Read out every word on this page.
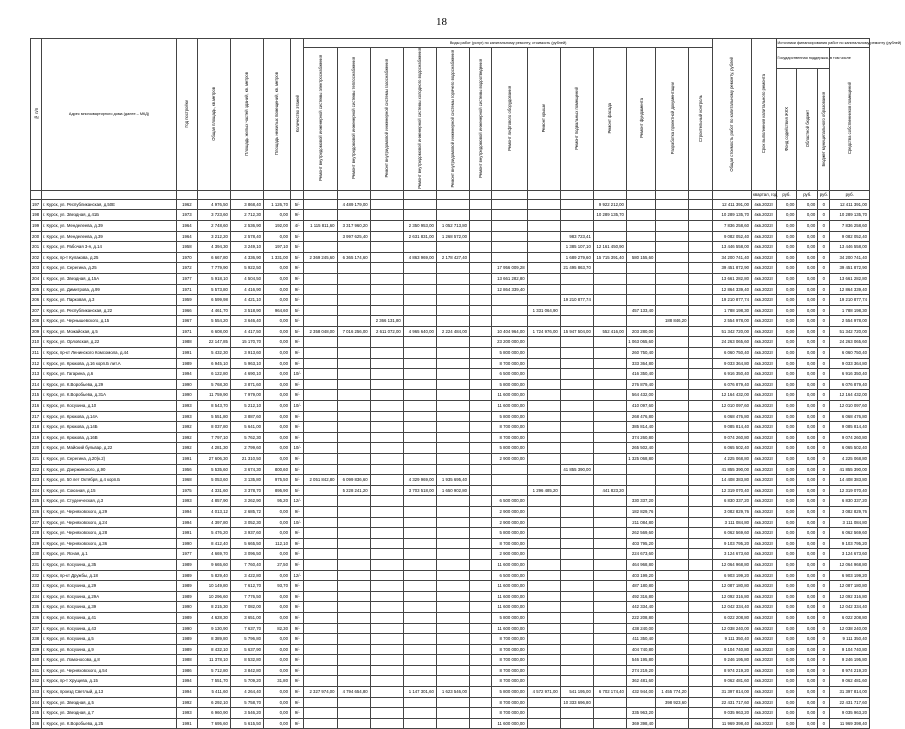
18
№ п/п	Адрес многоквартирного дома (далее – МКД)	Год постройки	Общая площадь, кв.метров	Площадь жилых частей зданий, кв. метров	Площадь нежилых помещений, кв. метров	Количество этажей	Виды работ (услуг) по капитальному ремонту, стоимость (рублей)													Общая стоимость работ по капитальному ремонту, рублей	Срок выполнения капитального ремонта	Источники финансирования работ по капитальному ремонту (рублей)			
							Ремонт внутридомовой инженерной системы электроснабжения	Ремонт внутридомовой инженерной системы теплоснабжения	Ремонт внутридомовой инженерной системы газоснабжения	Ремонт внутридомовой инженерной системы холодного водоснабжения	Ремонт внутридомовой инженерной системы горячего водоснабжения	Ремонт внутридомовой инженерной системы водоотведения	Ремонт лифтового оборудования	Ремонт крыши	Ремонт подвальных помещений	Ремонт фасада	Ремонт фундамента	Разработка проектной документации	Строительный контроль			Государственная поддержка, в том числе			Средства собственников помещений
																						Фонд содействия ЖКХ	Областной бюджет	Бюджет муниципального образования	
																					квартал, год	руб.	руб.	руб.	руб.
197	г. Курск, ул. Республиканская, д.50Е	1962	4 976,50	3 868,40	1 126,70	5/-		4 489 179,00								9 922 212,00				12 411 391,00	4кв.2022г	0,00	0,00	0	12 411 391,00
198	г. Курск, ул. Звездная, д.41Б	1973	3 723,60	2 712,30	0,00	9/-										10 289 135,70				10 289 135,70	4кв.2022г	0,00	0,00	0	10 289 135,70
199	г. Курск, ул. Менделеева, д.39	1964	2 748,60	2 536,90	192,00	4/-	1 115 811,60	3 317 960,20		2 350 953,00	1 052 713,80									7 836 258,60	4кв.2022г	0,00	0,00	0	7 836 258,60
200	г. Курск, ул. Менделеева, д.39	1964	3 212,20	2 578,40	0,00	5/-		3 997 625,40		2 631 831,00	1 268 572,00				983 723,41					9 082 052,40	4кв.2022г	0,00	0,00	0	9 082 052,40
201	г. Курск, ул. Рабочая 3-я, д.14	1958	4 394,30	3 249,10	197,10	5/-									1 385 107,10	12 161 450,90				13 446 558,00	4кв.2022г	0,00	0,00	0	13 446 558,00
202	г. Курск, пр-т Кулакова, д.25	1970	6 667,80	4 336,90	1 331,00	5/-	2 369 245,60	6 365 174,60		4 863 969,00	2 178 427,40				1 689 279,60	15 715 391,40	580 155,60			34 200 741,40	4кв.2022г	0,00	0,00	0	34 200 741,40
203	г. Курск, ул. Серегина, д.25	1972	7 779,90	5 922,50	0,00	9/-							17 956 009,28		21 495 863,70					39 451 872,90	4кв.2022г	0,00	0,00	0	39 451 872,90
204	г. Курск, ул. Звездная, д.15А	1977	5 918,10	4 504,50	0,00	9/-							13 661 282,80							13 661 282,80	4кв.2022г	0,00	0,00	0	13 661 282,80
205	г. Курск, ул. Димитрова, д.99	1971	5 573,80	4 416,90	0,00	9/-							12 864 339,40							12 864 339,40	4кв.2022г	0,00	0,00	0	12 864 339,40
206	г. Курск, ул. Парковая, д.3	1959	6 599,98	4 421,10	0,00	5/-									19 210 877,74					19 210 877,74	4кв.2022г	0,00	0,00	0	19 210 877,74
207	г. Курск, ул. Республиканская, д.22	1966	4 461,70	3 518,90	964,60	5/-								1 331 064,90			457 133,40			1 788 198,30	4кв.2022г	0,00	0,00	0	1 788 198,30
208	г. Курск, ул. Чернышевского, д.15	1967	5 554,20	3 646,40	0,00	5/-			2 366 131,80									188 846,20		2 554 978,00	4кв.2022г	0,00	0,00	0	2 554 978,00
209	г. Курск, ул. Можайская, д.5	1971	6 608,00	4 417,50	0,00	5/-	2 358 048,00	7 016 256,00	2 611 072,00	4 965 640,00	2 224 484,00		10 404 964,00	1 724 976,00	15 947 504,00	552 416,00	203 280,00			51 342 720,00	4кв.2022г	0,00	0,00	0	51 342 720,00
210	г. Курск, ул. Орловская, д.22	1988	22 147,85	15 170,70	0,00	9/-							23 200 000,00				1 063 065,60			24 263 065,60	4кв.2022г	0,00	0,00	0	24 263 065,60
211	г. Курск, пр-кт Ленинского Комсомола, д.44	1991	5 432,30	3 913,60	0,00	9/-							5 800 000,00				260 750,40			6 060 750,40	4кв.2022г	0,00	0,00	0	6 060 750,40
212	г. Курск, ул. Крюкова, д.16 корп.Б лит.А	1989	6 945,10	5 963,10	0,00	9/-							8 700 000,00				333 364,80			9 033 364,80	4кв.2022г	0,00	0,00	0	9 033 364,80
213	г. Курск, ул. Гагарина, д.6	1994	6 122,80	4 690,10	0,00	10/-							6 500 000,00				416 350,40			6 916 350,40	4кв.2022г	0,00	0,00	0	6 916 350,40
214	г. Курск, ул. К.Воробьева, д.29	1990	5 768,30	3 871,60	0,00	9/-							5 800 000,00				276 879,40			6 076 879,40	4кв.2022г	0,00	0,00	0	6 076 879,40
215	г. Курск, ул. К.Воробьева, д.31А	1990	11 759,90	7 979,00	0,00	9/-							11 600 000,00				564 432,00			12 164 432,00	4кв.2022г	0,00	0,00	0	12 164 432,00
216	г. Курск, ул. Косухина, д.10	1993	8 543,70	5 212,10	0,00	10/-							11 600 000,00				410 097,60			12 010 097,60	4кв.2022г	0,00	0,00	0	12 010 097,60
217	г. Курск, ул. Крюкова, д.14А	1993	5 551,80	3 887,60	0,00	9/-							5 800 000,00				268 476,80			6 068 476,80	4кв.2022г	0,00	0,00	0	6 068 476,80
218	г. Курск, ул. Крюкова, д.14Б	1992	8 037,80	5 641,00	0,00	9/-							8 700 000,00				385 814,40			9 085 814,40	4кв.2022г	0,00	0,00	0	9 085 814,40
219	г. Курск, ул. Крюкова, д.16В	1992	7 797,10	5 762,30	0,00	9/-							8 700 000,00				374 260,80			9 074 260,80	4кв.2022г	0,00	0,00	0	9 074 260,80
220	г. Курск, ул. Майский бульвар, д.22	1992	4 281,30	2 799,60	0,00	10/-							5 800 000,00				265 502,40			6 065 502,40	4кв.2022г	0,00	0,00	0	6 065 502,40
221	г. Курск, ул. Серегина, д.20(к.2)	1991	27 606,30	21 310,50	0,00	9/-							2 900 000,00				1 325 068,80			4 225 068,80	4кв.2022г	0,00	0,00	0	4 225 068,80
222	г. Курск, ул. Дзержинского, д.90	1956	5 535,60	3 674,30	800,60	5/-									41 855 390,00					41 855 390,00	4кв.2022г	0,00	0,00	0	41 855 390,00
223	г. Курск, ул. 50 лет Октября, д.4 корп.Б	1968	5 053,60	3 135,80	975,50	5/-	2 051 842,80	6 099 836,60		4 329 969,00	1 935 695,40									14 408 383,80	4кв.2022г	0,00	0,00	0	14 408 383,80
224	г. Курск, ул. Союзная, д.15	1975	4 331,60	3 378,70	895,90	5/-		5 228 241,20		3 703 518,00	1 650 902,80			1 296 485,20		441 823,20				12 319 070,40	4кв.2022г	0,00	0,00	0	12 319 070,40
225	г. Курск, ул. Студенческая, д.3	1993	4 857,90	3 262,90	95,20	12/-							6 500 000,00				330 337,20			6 830 337,20	4кв.2022г	0,00	0,00	0	6 830 337,20
226	г. Курск, ул. Черняховского, д.29	1994	4 013,12	2 685,72	0,00	9/-							2 900 000,00				182 829,76			3 082 829,76	4кв.2022г	0,00	0,00	0	3 082 829,76
227	г. Курск, ул. Черняховского, д.24	1994	4 397,80	3 052,30	0,00	10/-							2 900 000,00				211 084,80			3 111 084,80	4кв.2022г	0,00	0,00	0	3 111 084,80
228	г. Курск, ул. Черняховского, д.28	1991	5 476,20	3 937,60	0,00	9/-							5 800 000,00				262 569,60			6 062 569,60	4кв.2022г	0,00	0,00	0	6 062 569,60
229	г. Курск, ул. Черняховского, д.36	1990	8 412,40	5 665,50	112,10	9/-							8 700 000,00				403 795,20			9 103 795,20	4кв.2022г	0,00	0,00	0	9 103 795,20
230	г. Курск, ул. Ясная, д.1	1977	4 669,70	3 096,50	0,00	9/-							2 900 000,00				224 673,60			3 124 673,60	4кв.2022г	0,00	0,00	0	3 124 673,60
231	г. Курск, ул. Косухина, д.35	1989	9 665,60	7 760,40	27,50	9/-							11 600 000,00				464 968,80			12 064 968,80	4кв.2022г	0,00	0,00	0	12 064 968,80
232	г. Курск, пр-кт Дружбы, д.18	1989	5 829,40	3 422,80	0,00	12/-							6 500 000,00				403 199,20			6 903 199,20	4кв.2022г	0,00	0,00	0	6 903 199,20
233	г. Курск, ул. Косухина, д.29	1989	10 149,80	7 612,70	93,70	9/-							11 600 000,00				487 180,80			12 087 180,80	4кв.2022г	0,00	0,00	0	12 087 180,80
234	г. Курск, ул. Косухина, д.29А	1989	10 296,60	7 776,50	0,00	9/-							11 600 000,00				492 316,80			12 092 316,80	4кв.2022г	0,00	0,00	0	12 092 316,80
235	г. Курск, ул. Косухина, д.39	1990	8 215,30	7 082,00	0,00	9/-							11 600 000,00				442 334,40			12 042 334,40	4кв.2022г	0,00	0,00	0	12 042 334,40
236	г. Курск, ул. Косухина, д.41	1989	4 628,30	3 651,00	0,00	9/-							5 800 000,00				222 208,80			6 022 208,80	4кв.2022г	0,00	0,00	0	6 022 208,80
237	г. Курск, ул. Косухина, д.43	1990	9 130,90	7 637,70	82,30	9/-							11 600 000,00				438 240,00			12 038 240,00	4кв.2022г	0,00	0,00	0	12 038 240,00
238	г. Курск, ул. Косухина, д.5	1989	8 389,80	5 796,80	0,00	9/-							8 700 000,00				411 350,40			9 111 350,40	4кв.2022г	0,00	0,00	0	9 111 350,40
239	г. Курск, ул. Косухина, д.9	1989	8 432,10	5 637,90	0,00	9/-							8 700 000,00				404 740,80			9 104 740,80	4кв.2022г	0,00	0,00	0	9 104 740,80
240	г. Курск, ул. Ломоносова, д.8	1988	11 378,10	8 532,80	0,00	9/-							8 700 000,00				546 195,80			9 246 195,80	4кв.2022г	0,00	0,00	0	9 246 195,80
241	г. Курск, ул. Черняховского, д.54	1986	5 712,80	3 842,80	0,00	9/-							8 700 000,00				274 219,20			8 974 219,20	4кв.2022г	0,00	0,00	0	8 974 219,20
242	г. Курск, пр-т Хрущева, д.15	1994	7 551,70	5 709,20	31,80	9/-							8 700 000,00				362 481,60			9 062 481,60	4кв.2022г	0,00	0,00	0	9 062 481,60
243	г. Курск, проезд Светлый, д.13	1994	5 411,60	4 264,40	0,00	9/-	2 327 974,00	4 794 654,80		1 147 301,60	1 623 546,00		5 800 000,00	4 572 971,00	541 195,00	6 702 174,40	432 944,00	1 455 774,20		31 397 814,00	4кв.2022г	0,00	0,00	0	31 397 814,00
244	г. Курск, ул. Звездная, д.5	1992	6 292,10	5 758,70	0,00	9/-							8 700 000,00		10 333 696,80			398 923,60		22 431 717,60	4кв.2022г	0,00	0,00	0	22 431 717,60
245	г. Курск, ул. Звездная, д.7	1993	6 960,90	3 546,20	0,00	9/-							8 700 000,00				335 963,20			9 035 963,20	4кв.2022г	0,00	0,00	0	9 035 963,20
246	г. Курск, ул. К.Воробьева, д.25	1991	7 695,60	5 615,50	0,00	9/-							11 600 000,00				369 398,40			11 969 398,40	4кв.2022г	0,00	0,00	0	11 969 398,40
